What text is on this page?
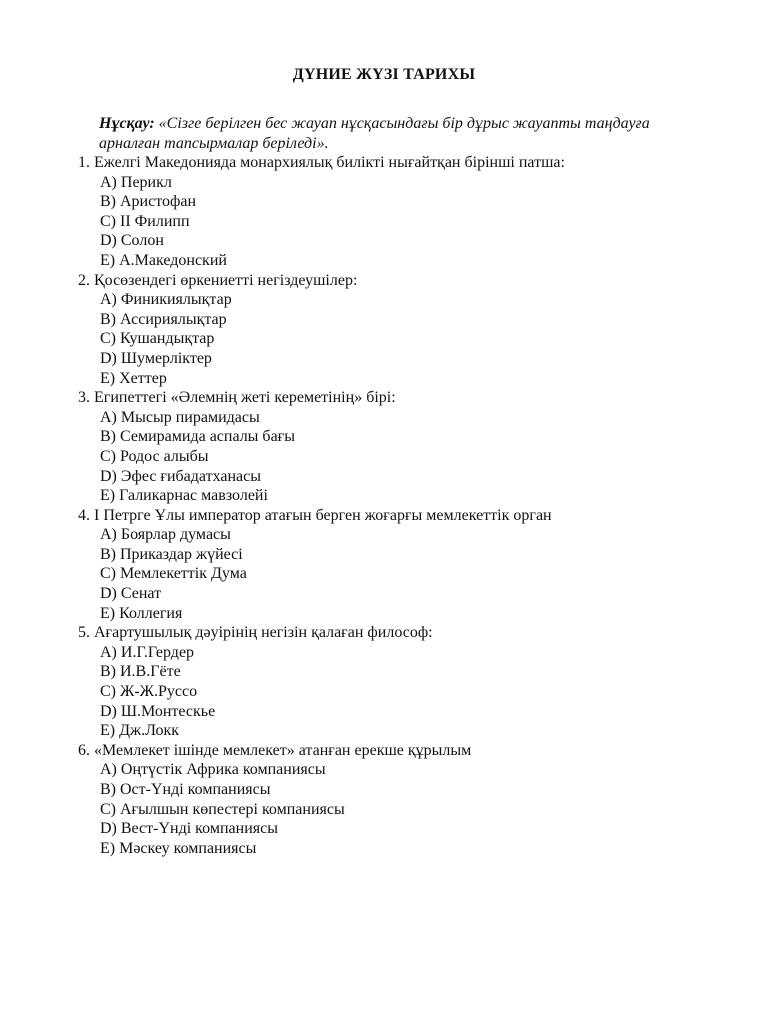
ДҮНИЕ ЖҮЗІ ТАРИХЫ
Нұсқау: «Сізге берілген бес жауап нұсқасындағы бір дұрыс жауапты таңдауға арналған тапсырмалар беріледі».
1. Ежелгі Македонияда монархиялық билікті нығайтқан бірінші патша:
A) Перикл
B) Аристофан
C) II Филипп
D) Солон
E) А.Македонский
2. Қосөзендегі өркениетті негіздеушілер:
A) Финикиялықтар
B) Ассириялықтар
C) Кушандықтар
D) Шумерліктер
E) Хеттер
3. Египеттегі «Әлемнің жеті кереметінің» бірі:
A) Мысыр пирамидасы
B) Семирамида аспалы бағы
C) Родос алыбы
D) Эфес ғибадатханасы
E) Галикарнас мавзолейі
4. I Петрге Ұлы император атағын берген жоғарғы мемлекеттік орган
A) Боярлар думасы
B) Приказдар жүйесі
C) Мемлекеттік Дума
D) Сенат
E) Коллегия
5. Ағартушылық дәуірінің негізін қалаған философ:
A) И.Г.Гердер
B) И.В.Гёте
C) Ж-Ж.Руссо
D) Ш.Монтескье
E) Дж.Локк
6. «Мемлекет ішінде мемлекет» атанған ерекше құрылым
A) Оңтүстік Африка компаниясы
B) Ост-Үнді компаниясы
C) Ағылшын көпестері компаниясы
D) Вест-Үнді компаниясы
E) Мәскеу компаниясы
